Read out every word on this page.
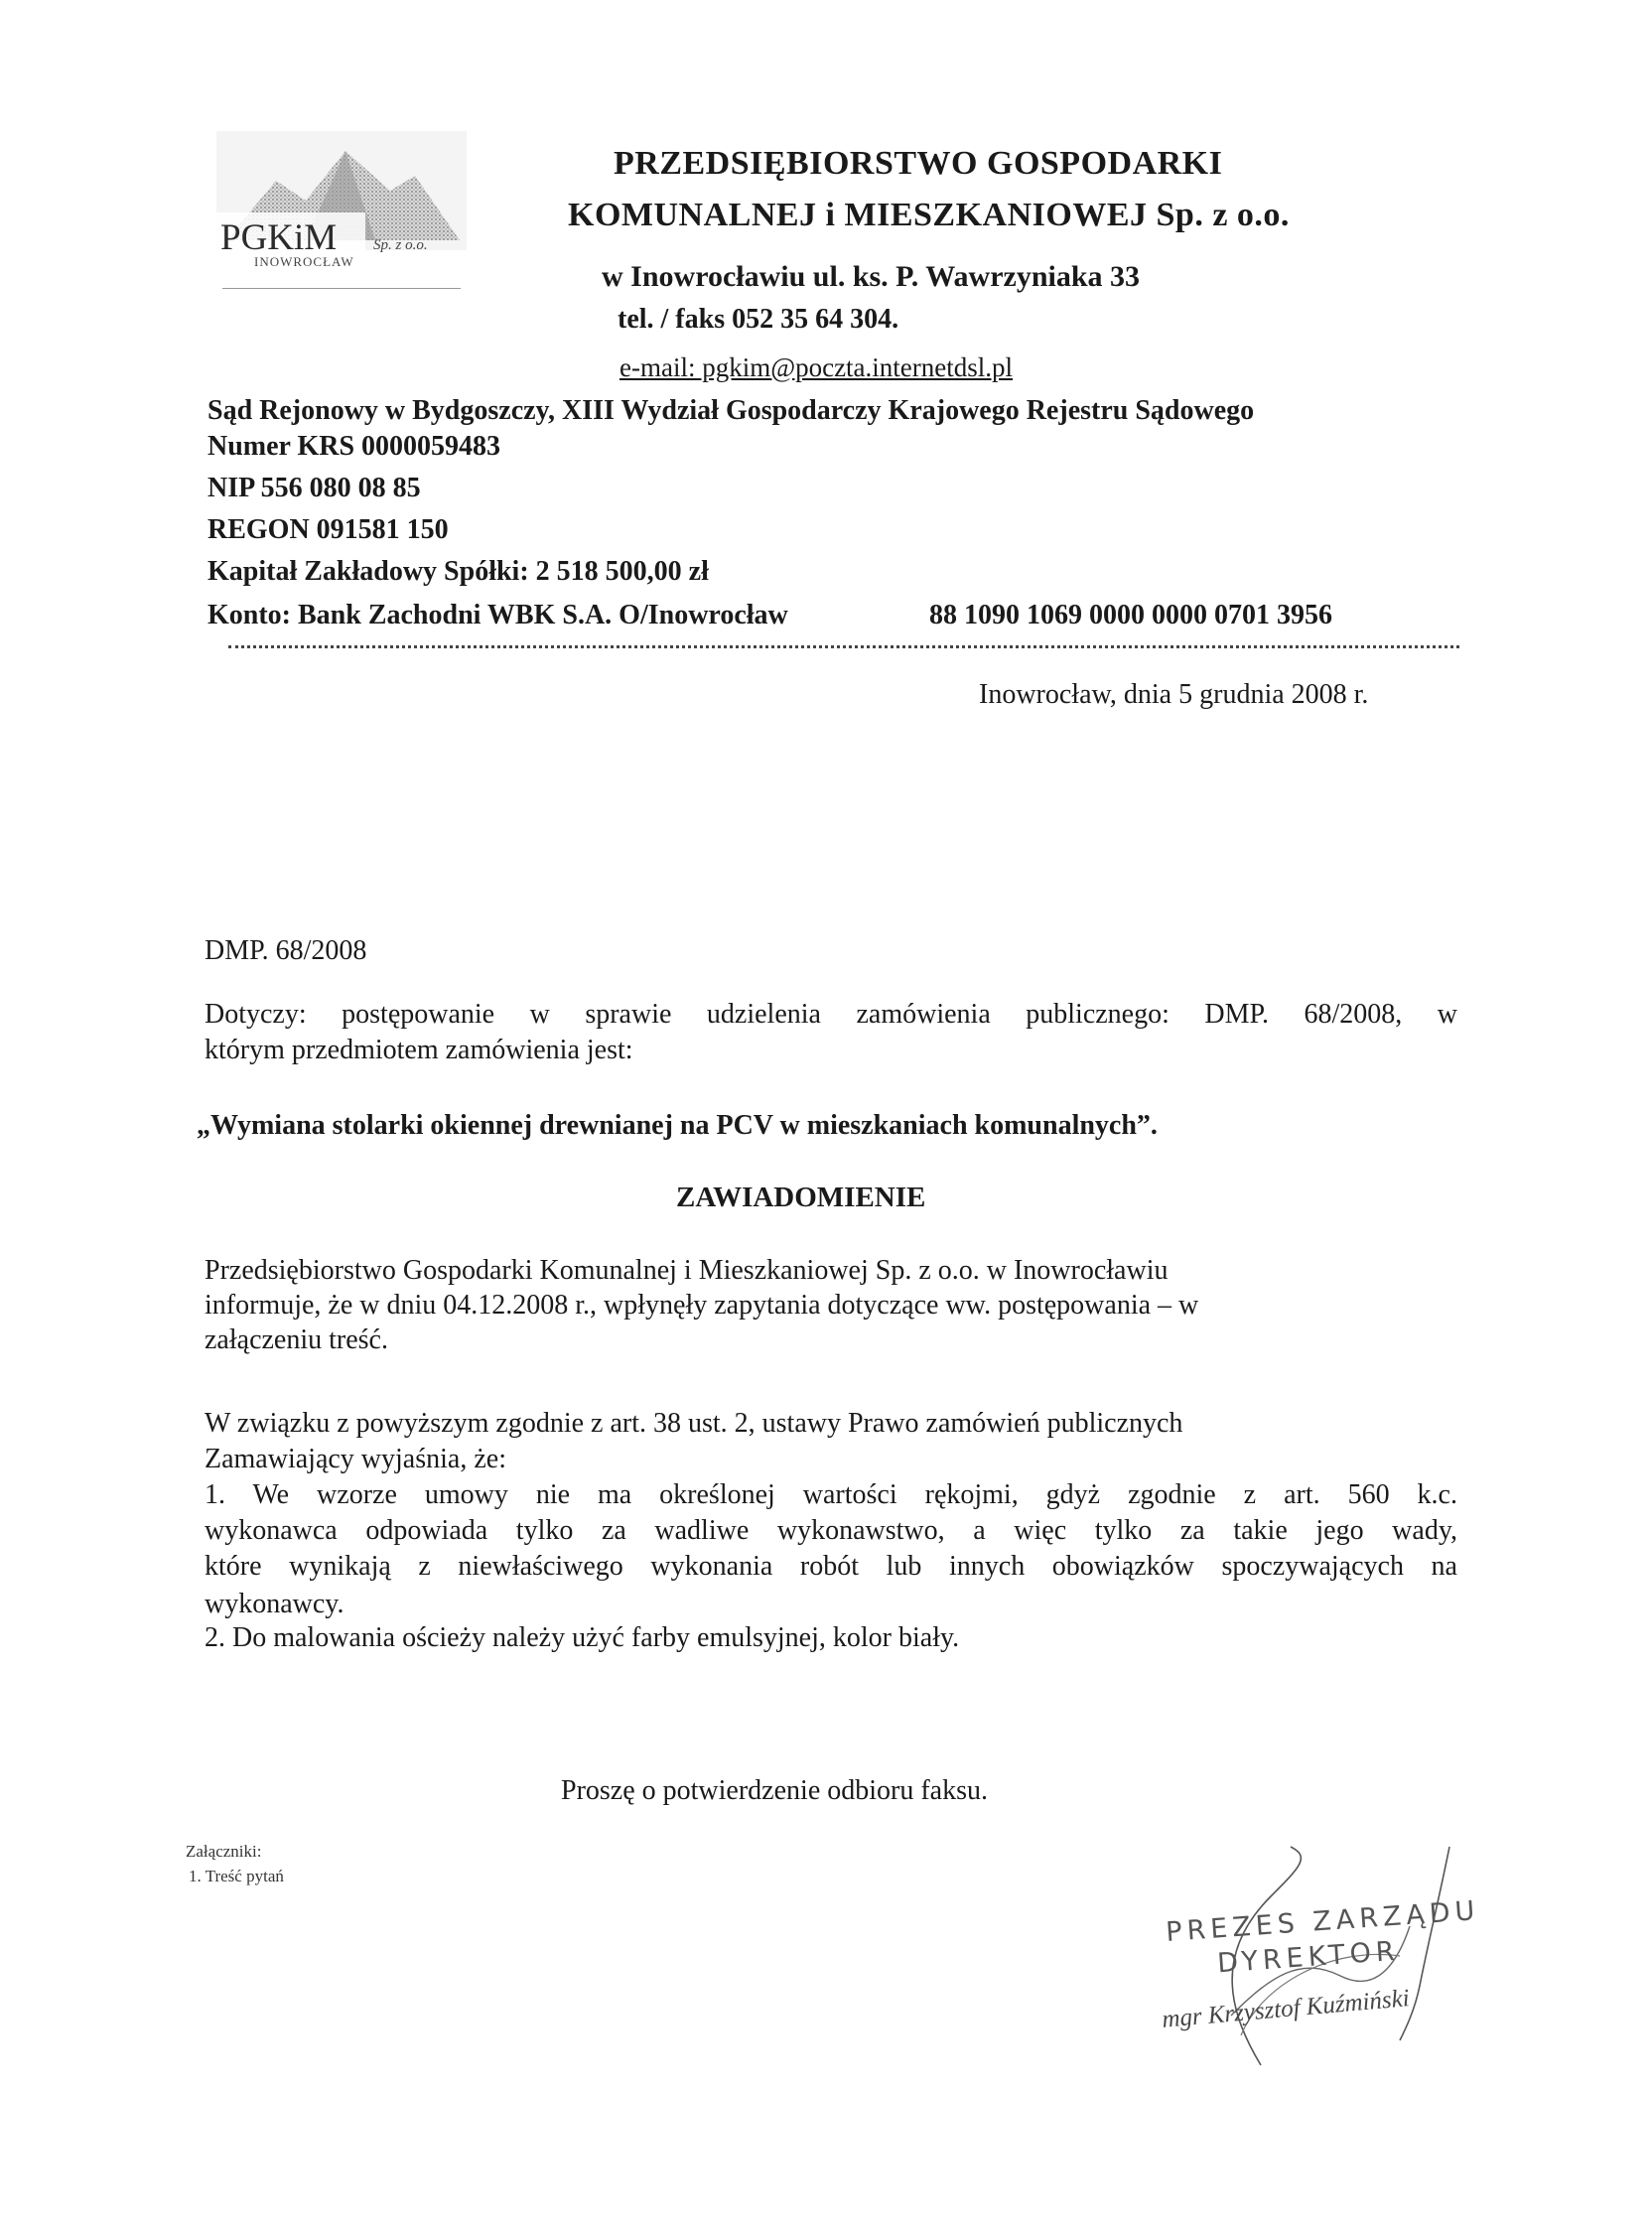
PGKiM Sp. z o.o.
INOWROCŁAW
PRZEDSIĘBIORSTWO GOSPODARKI
KOMUNALNEJ i MIESZKANIOWEJ Sp. z o.o.
w Inowrocławiu ul. ks. P. Wawrzyniaka 33
tel. / faks 052 35 64 304.
e-mail: pgkim@poczta.internetdsl.pl
Sąd Rejonowy w Bydgoszczy, XIII Wydział Gospodarczy Krajowego Rejestru Sądowego
Numer KRS 0000059483
NIP 556 080 08 85
REGON 091581 150
Kapitał Zakładowy Spółki: 2 518 500,00 zł
Konto: Bank Zachodni WBK S.A. O/Inowrocław	88 1090 1069 0000 0000 0701 3956
Inowrocław, dnia 5 grudnia 2008 r.
DMP. 68/2008
Dotyczy: postępowanie w sprawie udzielenia zamówienia publicznego: DMP. 68/2008, w
którym przedmiotem zamówienia jest:
„Wymiana stolarki okiennej drewnianej na PCV w mieszkaniach komunalnych”.
ZAWIADOMIENIE
Przedsiębiorstwo Gospodarki Komunalnej i Mieszkaniowej Sp. z o.o. w Inowrocławiu
informuje, że w dniu 04.12.2008 r., wpłynęły zapytania dotyczące ww. postępowania – w
załączeniu treść.
W związku z powyższym zgodnie z art. 38 ust. 2, ustawy Prawo zamówień publicznych
Zamawiający wyjaśnia, że:
1. We wzorze umowy nie ma określonej wartości rękojmi, gdyż zgodnie z art. 560 k.c.
wykonawca odpowiada tylko za wadliwe wykonawstwo, a więc tylko za takie jego wady,
które wynikają z niewłaściwego wykonania robót lub innych obowiązków spoczywających na
wykonawcy.
2. Do malowania ościeży należy użyć farby emulsyjnej, kolor biały.
Proszę o potwierdzenie odbioru faksu.
Załączniki:
1. Treść pytań
PREZES ZARZĄDU
DYREKTOR
mgr Krzysztof Kuźmiński
